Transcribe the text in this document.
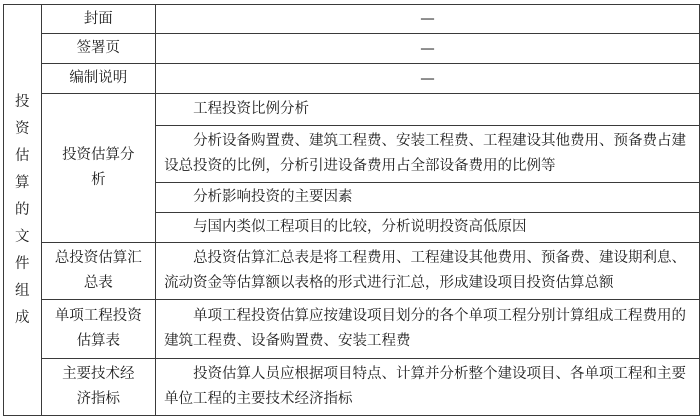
投资估算的文件组成	封面	—
	签署页	—
	编制说明	—

	投资估算分析	工程投资比例分析
		分析设备购置费、建筑工程费、安装工程费、工程建设其他费用、预备费占建设总投资的比例，分析引进设备费用占全部设备费用的比例等
		分析影响投资的主要因素
		与国内类似工程项目的比较，分析说明投资高低原因

	总投资估算汇总表	总投资估算汇总表是将工程费用、工程建设其他费用、预备费、建设期利息、流动资金等估算额以表格的形式进行汇总，形成建设项目投资估算总额

	单项工程投资估算表	单项工程投资估算应按建设项目划分的各个单项工程分别计算组成工程费用的建筑工程费、设备购置费、安装工程费

	主要技术经济指标	投资估算人员应根据项目特点、计算并分析整个建设项目、各单项工程和主要单位工程的主要技术经济指标
